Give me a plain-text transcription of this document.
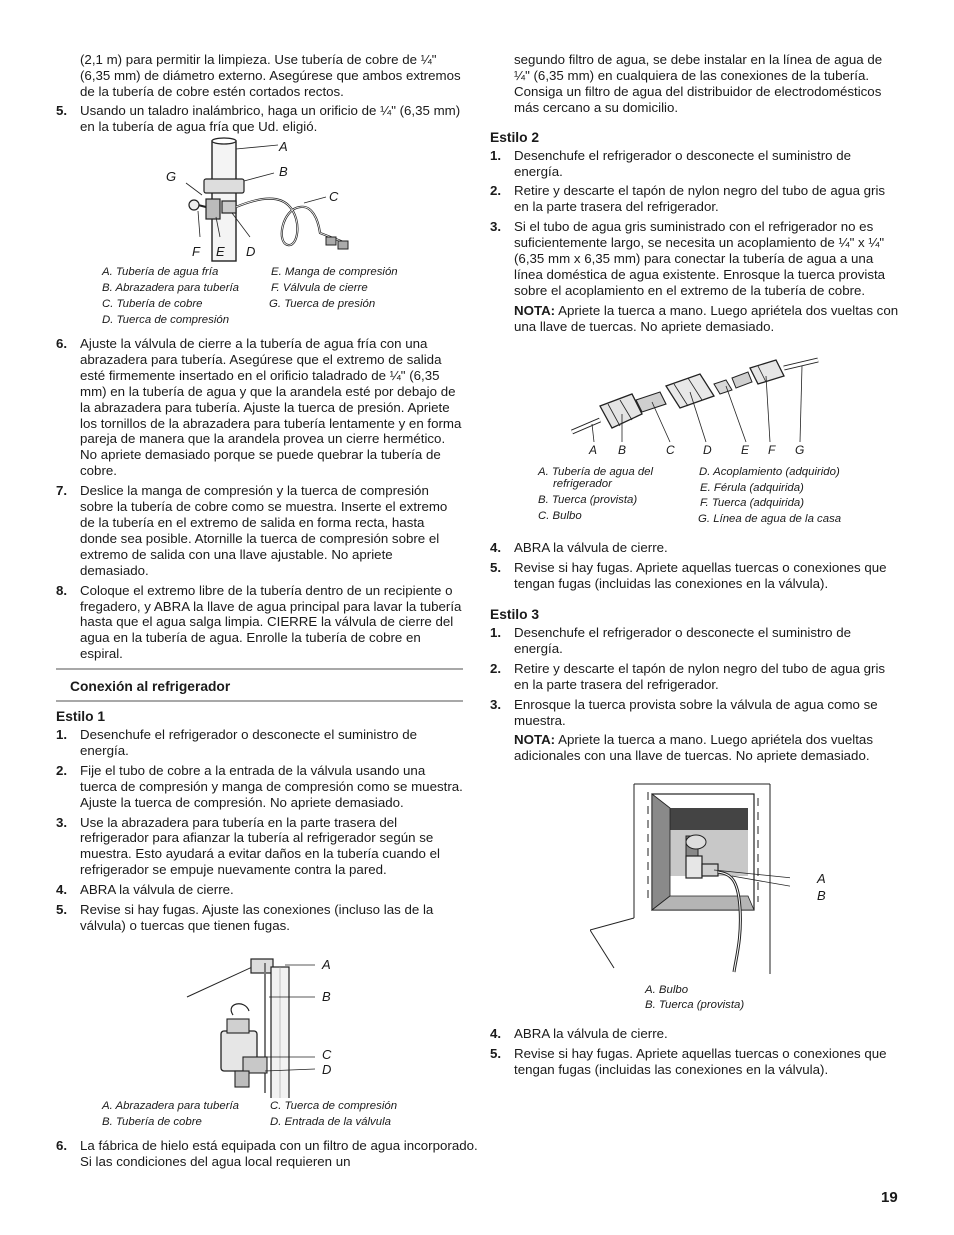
(2,1 m) para permitir la limpieza. Use tubería de cobre de ¼" (6,35 mm) de diámetro externo. Asegúrese que ambos extremos de la tubería de cobre estén cortados rectos.

5. Usando un taladro inalámbrico, haga un orificio de ¼" (6,35 mm) en la tubería de agua fría que Ud. eligió.
A
B
C
G
F E D
A. Tubería de agua fría
B. Abrazadera para tubería
C. Tubería de cobre
D. Tuerca de compresión
E. Manga de compresión
F. Válvula de cierre
G. Tuerca de presión
6. Ajuste la válvula de cierre a la tubería de agua fría con una abrazadera para tubería. Asegúrese que el extremo de salida esté firmemente insertado en el orificio taladrado de ¼" (6,35 mm) en la tubería de agua y que la arandela esté por debajo de la abrazadera para tubería. Ajuste la tuerca de presión. Apriete los tornillos de la abrazadera para tubería lentamente y en forma pareja de manera que la arandela provea un cierre hermético. No apriete demasiado porque se puede quebrar la tubería de cobre.
7. Deslice la manga de compresión y la tuerca de compresión sobre la tubería de cobre como se muestra. Inserte el extremo de la tubería en el extremo de salida en forma recta, hasta donde sea posible. Atornille la tuerca de compresión sobre el extremo de salida con una llave ajustable. No apriete demasiado.
8. Coloque el extremo libre de la tubería dentro de un recipiente o fregadero, y ABRA la llave de agua principal para lavar la tubería hasta que el agua salga limpia. CIERRE la válvula de cierre del agua en la tubería de agua. Enrolle la tubería de cobre en espiral.
Conexión al refrigerador
Estilo 1
1. Desenchufe el refrigerador o desconecte el suministro de energía.
2. Fije el tubo de cobre a la entrada de la válvula usando una tuerca de compresión y manga de compresión como se muestra. Ajuste la tuerca de compresión. No apriete demasiado.
3. Use la abrazadera para tubería en la parte trasera del refrigerador para afianzar la tubería al refrigerador según se muestra. Esto ayudará a evitar daños en la tubería cuando el refrigerador se empuje nuevamente contra la pared.
4. ABRA la válvula de cierre.
5. Revise si hay fugas. Ajuste las conexiones (incluso las de la válvula) o tuercas que tienen fugas.
A
B
C
D
A. Abrazadera para tubería
B. Tubería de cobre
C. Tuerca de compresión
D. Entrada de la válvula
6. La fábrica de hielo está equipada con un filtro de agua incorporado. Si las condiciones del agua local requieren un

segundo filtro de agua, se debe instalar en la línea de agua de ¼" (6,35 mm) en cualquiera de las conexiones de la tubería. Consiga un filtro de agua del distribuidor de electrodomésticos más cercano a su domicilio.

Estilo 2
1. Desenchufe el refrigerador o desconecte el suministro de energía.
2. Retire y descarte el tapón de nylon negro del tubo de agua gris en la parte trasera del refrigerador.
3. Si el tubo de agua gris suministrado con el refrigerador no es suficientemente largo, se necesita un acoplamiento de ¼" x ¼" (6,35 mm x 6,35 mm) para conectar la tubería de agua a una línea doméstica de agua existente. Enrosque la tuerca provista sobre el acoplamiento en el extremo de la tubería de cobre.

NOTA: Apriete la tuerca a mano. Luego apriétela dos vueltas con una llave de tuercas. No apriete demasiado.

A B	C D E F G
A. Tubería de agua del
refrigerador
B. Tuerca (provista)
C. Bulbo
D. Acoplamiento (adquirido)
E. Férula (adquirida)
F. Tuerca (adquirida)
G. Línea de agua de la casa
4. ABRA la válvula de cierre.
5. Revise si hay fugas. Apriete aquellas tuercas o conexiones que tengan fugas (incluidas las conexiones en la válvula).
Estilo 3
1. Desenchufe el refrigerador o desconecte el suministro de energía.
2. Retire y descarte el tapón de nylon negro del tubo de agua gris en la parte trasera del refrigerador.
3. Enrosque la tuerca provista sobre la válvula de agua como se muestra.

NOTA: Apriete la tuerca a mano. Luego apriétela dos vueltas adicionales con una llave de tuercas. No apriete demasiado.

A
B
A. Bulbo
B. Tuerca (provista)
4. ABRA la válvula de cierre.
5. Revise si hay fugas. Apriete aquellas tuercas o conexiones que tengan fugas (incluidas las conexiones en la válvula).
19
